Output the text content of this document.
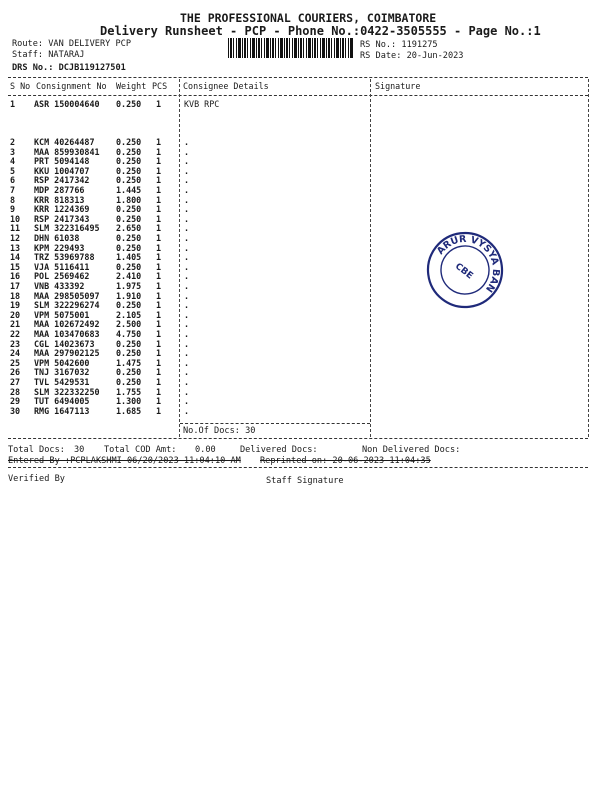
THE PROFESSIONAL COURIERS, COIMBATORE
Delivery Runsheet - PCP - Phone No.:0422-3505555 - Page No.:1
Route: VAN DELIVERY PCP
Staff: NATARAJ
DRS No.: DCJB119127501
RS No.: 1191275
RS Date: 20-Jun-2023
S No Consignment No Weight PCS Consignee Details	Signature
1 ASR 150004640 0.250 1	KVB RPC
2 KCM 40264487	0.250 1	.
3 MAA 859930841 0.250 1	.
4 PRT 5094148	0.250 1	.
5 KKU 1004707	0.250 1	.
6 RSP 2417342	0.250 1	.
7 MDP 287766	1.445 1	.
8 KRR 818313	1.800 1	.
9 KRR 1224369	0.250 1	.
10 RSP 2417343	0.250 1	.
11 SLM 322316495 2.650 1	.
12 DHN 61038	0.250 1	.
13 KPM 229493	0.250 1	.
14 TRZ 53969788	1.405 1	.
15 VJA 5116411	0.250 1	.
16 POL 2569462	2.410 1	.
17 VNB 433392	1.975 1	.
18 MAA 298505097 1.910 1	.
19 SLM 322296274 0.250 1	.
20 VPM 5075001	2.105 1	.
21 MAA 102672492 2.500 1	.
22 MAA 103470683 4.750 1	.
23 CGL 14023673	0.250 1	.
24 MAA 297902125 0.250 1	.
25 VPM 5042600	1.475 1	.
26 TNJ 3167032	0.250 1	.
27 TVL 5429531	0.250 1	.
28 SLM 322332250 1.755 1	.
29 TUT 6494005	1.300 1	.
30 RMG 1647113	1.685 1	.
No.Of Docs: 30
KARUR VYSYA BANK
CBE
Total Docs: 30 Total COD Amt: 0.00	Delivered Docs:	Non Delivered Docs:
Entered By :PCPLAKSHMI 06/20/2023 11:04:10 AM Reprinted on: 20-06-2023 11:04:35
Verified By	Staff Signature
